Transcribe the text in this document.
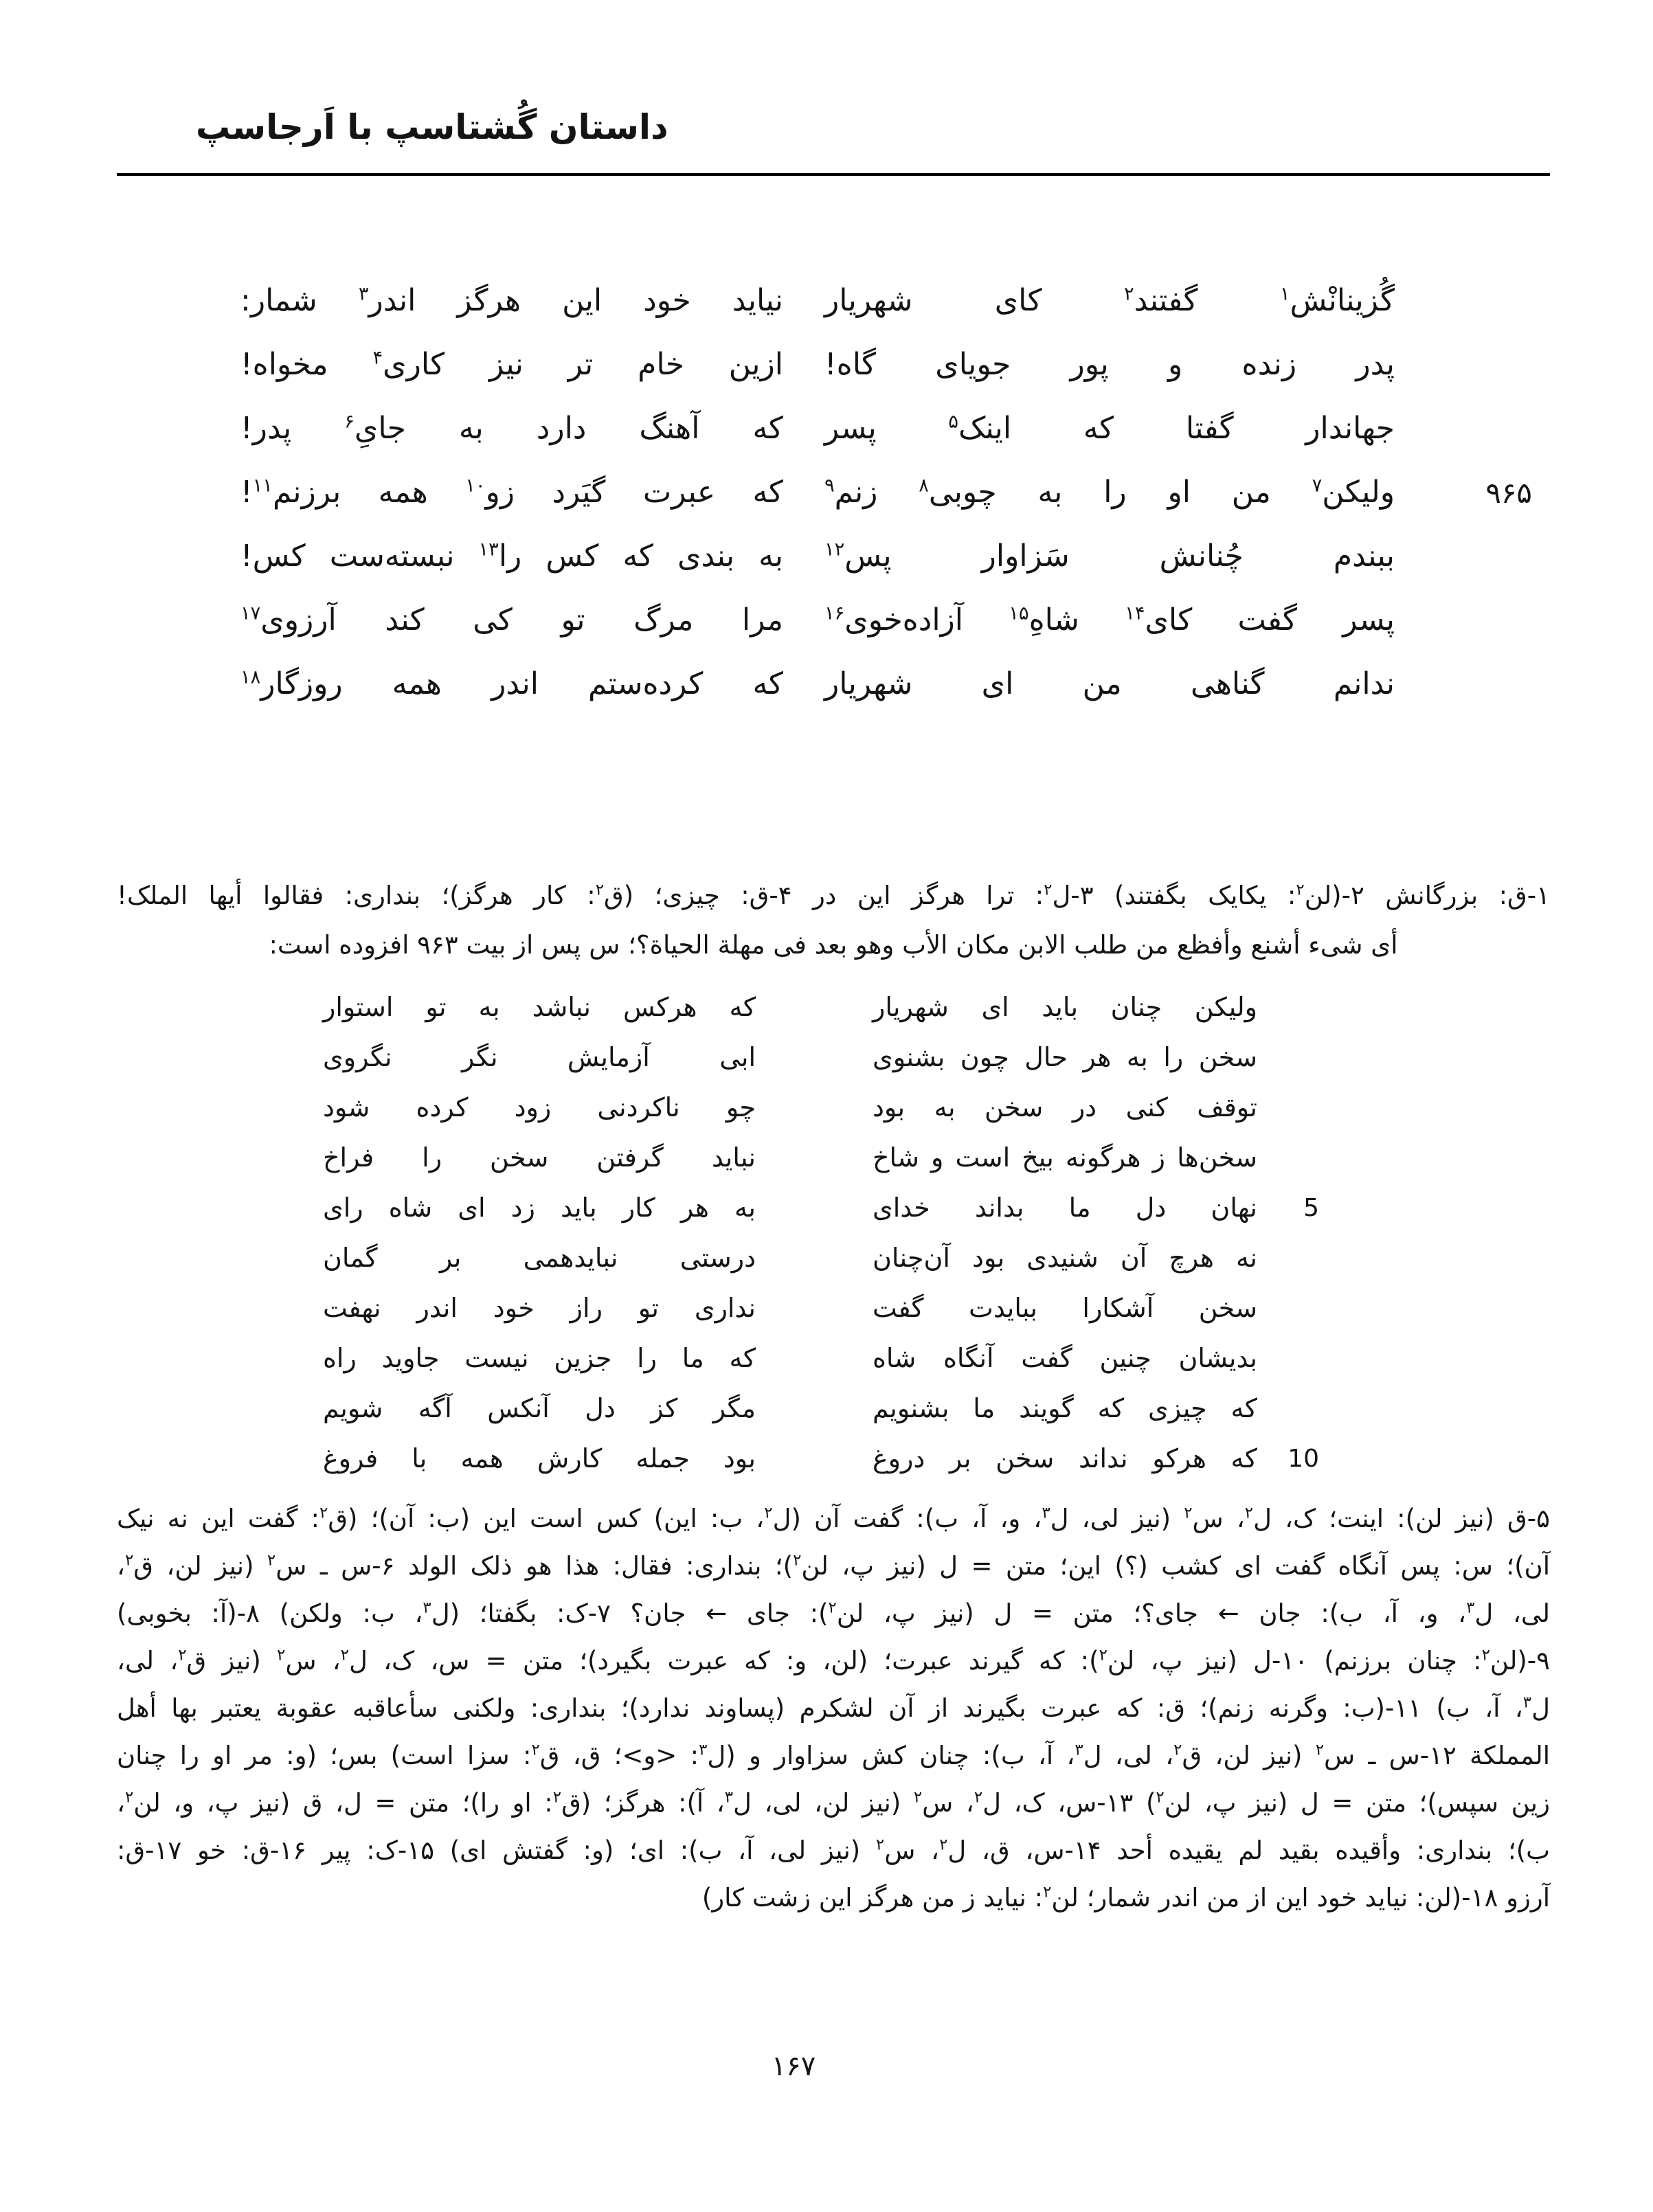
داستان گُشتاسپ با اَرجاسپ
گُزینانْش$^۱$ گفتند$^۲$ کای شهریار
نیاید خود این هرگز اندر$^۳$ شمار:
پدر زنده و پور جویای گاه!
ازین خام تر نیز کاری$^۴$ مخواه!
جهاندار گفتا که اینک$^۵$ پسر
که آهنگ دارد به جایِ$^۶$ پدر!
۹۶۵
ولیکن$^۷$ من او را به چوبی$^۸$ زنم$^۹$
که عبرت گیَرد زو$^{۱۰}$ همه برزنم$^{۱۱}$!
ببندم چُنانش سَزاوار پس$^{۱۲}$
به بندی که کس را$^{۱۳}$ نبسته‌ست کس!
پسر گفت کای$^{۱۴}$ شاهِ$^{۱۵}$ آزاده‌خوی$^{۱۶}$
مرا مرگ تو کی کند آرزوی$^{۱۷}$
ندانم گناهی من ای شهریار
که کرده‌ستم اندر همه روزگار$^{۱۸}$
۱-ق: بزرگانش ۲-(لن$^۲$: یکایک بگفتند) ۳-ل$^۲$: ترا هرگز این در ۴-ق: چیزی؛ (ق$^۲$: کار هرگز)؛ بنداری: فقالوا أیها الملک!
أی شیء أشنع وأفظع من طلب الابن مکان الأب وهو بعد فی مهلة الحیاة؟؛ س پس از بیت ۹۶۳ افزوده است:
ولیکن چنان باید ای شهریار
که هرکس نباشد به تو استوار
سخن را به هر حال چون بشنوی
ابی آزمایش نگر نگروی
توقف کنی در سخن به بود
چو ناکردنی زود کرده شود
سخن‌ها ز هرگونه بیخ است و شاخ
نباید گرفتن سخن را فراخ
5
نهان دل ما بداند خدای
به هر کار باید زد ای شاه رای
نه هرچ آن شنیدی بود آن‌چنان
درستی نبایدهمی بر گمان
سخن آشکارا ببایدت گفت
نداری تو راز خود اندر نهفت
بدیشان چنین گفت آنگاه شاه
که ما را جزین نیست جاوید راه
که چیزی که گویند ما بشنویم
مگر کز دل آنکس آگه شویم
10
که هرکو نداند سخن بر دروغ
بود جمله کارش همه با فروغ
۵-ق (نیز لن): اینت؛ ک، ل$^۲$، س$^۲$ (نیز لی، ل$^۳$، و، آ، ب): گفت آن (ل$^۲$، ب: این) کس است این (ب: آن)؛ (ق$^۲$: گفت این نه نیک
آن)؛ س: پس آنگاه گفت ای کشب (؟) این؛ متن = ل (نیز پ، لن$^۲$)؛ بنداری: فقال: هذا هو ذلک الولد ۶-س ـ س$^۲$ (نیز لن، ق$^۲$،
لی، ل$^۳$، و، آ، ب): جان ← جای؟؛ متن = ل (نیز پ، لن$^۲$): جای ← جان؟ ۷-ک: بگفتا؛ (ل$^۳$، ب: ولکن) ۸-(آ: بخوبی)
۹-(لن$^۲$: چنان برزنم) ۱۰-ل (نیز پ، لن$^۲$): که گیرند عبرت؛ (لن، و: که عبرت بگیرد)؛ متن = س، ک، ل$^۲$، س$^۲$ (نیز ق$^۲$، لی،
ل$^۳$، آ، ب) ۱۱-(ب: وگرنه زنم)؛ ق: که عبرت بگیرند از آن لشکرم (پساوند ندارد)؛ بنداری: ولکنی سأعاقبه عقوبة یعتبر بها أهل
المملکة ۱۲-س ـ س$^۲$ (نیز لن، ق$^۲$، لی، ل$^۳$، آ، ب): چنان کش سزاوار و (ل$^۳$: <و>؛ ق، ق$^۲$: سزا است) بس؛ (و: مر او را چنان
زین سپس)؛ متن = ل (نیز پ، لن$^۲$) ۱۳-س، ک، ل$^۲$، س$^۲$ (نیز لن، لی، ل$^۳$، آ): هرگز؛ (ق$^۲$: او را)؛ متن = ل، ق (نیز پ، و، لن$^۲$،
ب)؛ بنداری: وأقیده بقید لم یقیده أحد ۱۴-س، ق، ل$^۲$، س$^۲$ (نیز لی، آ، ب): ای؛ (و: گفتش ای) ۱۵-ک: پیر ۱۶-ق: خو ۱۷-ق:
آرزو ۱۸-(لن: نیاید خود این از من اندر شمار؛ لن$^۲$: نیاید ز من هرگز این زشت کار)
۱۶۷
